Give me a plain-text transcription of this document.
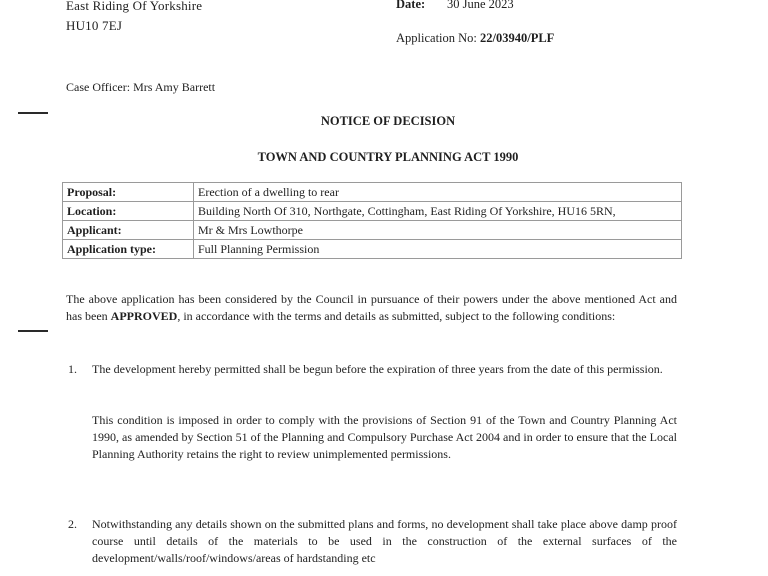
East Riding Of Yorkshire
HU10 7EJ
Date: 30 June 2023
Application No: 22/03940/PLF
Case Officer: Mrs Amy Barrett
NOTICE OF DECISION
TOWN AND COUNTRY PLANNING ACT 1990
Proposal:	Erection of a dwelling to rear
Location:	Building North Of 310, Northgate, Cottingham, East Riding Of Yorkshire, HU16 5RN,
Applicant:	Mr & Mrs Lowthorpe
Application type:	Full Planning Permission
The above application has been considered by the Council in pursuance of their powers under the above mentioned Act and has been APPROVED, in accordance with the terms and details as submitted, subject to the following conditions:
1. The development hereby permitted shall be begun before the expiration of three years from the date of this permission.
This condition is imposed in order to comply with the provisions of Section 91 of the Town and Country Planning Act 1990, as amended by Section 51 of the Planning and Compulsory Purchase Act 2004 and in order to ensure that the Local Planning Authority retains the right to review unimplemented permissions.
2. Notwithstanding any details shown on the submitted plans and forms, no development shall take place above damp proof course until details of the materials to be used in the construction of the external surfaces of the development/walls/roof/windows/areas of hardstanding etc
